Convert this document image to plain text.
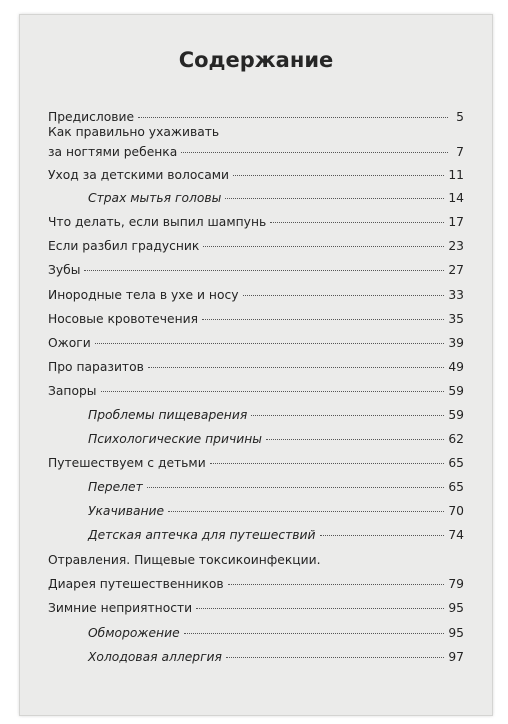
Содержание
Предисловие	5
Как правильно ухаживать
за ногтями ребенка	7
Уход за детскими волосами	11
Страх мытья головы	14
Что делать, если выпил шампунь	17
Если разбил градусник	23
Зубы	27
Инородные тела в ухе и носу	33
Носовые кровотечения	35
Ожоги	39
Про паразитов	49
Запоры	59
Проблемы пищеварения	59
Психологические причины	62
Путешествуем с детьми	65
Перелет	65
Укачивание	70
Детская аптечка для путешествий	74
Отравления. Пищевые токсикоинфекции.
Диарея путешественников	79
Зимние неприятности	95
Обморожение	95
Холодовая аллергия	97
